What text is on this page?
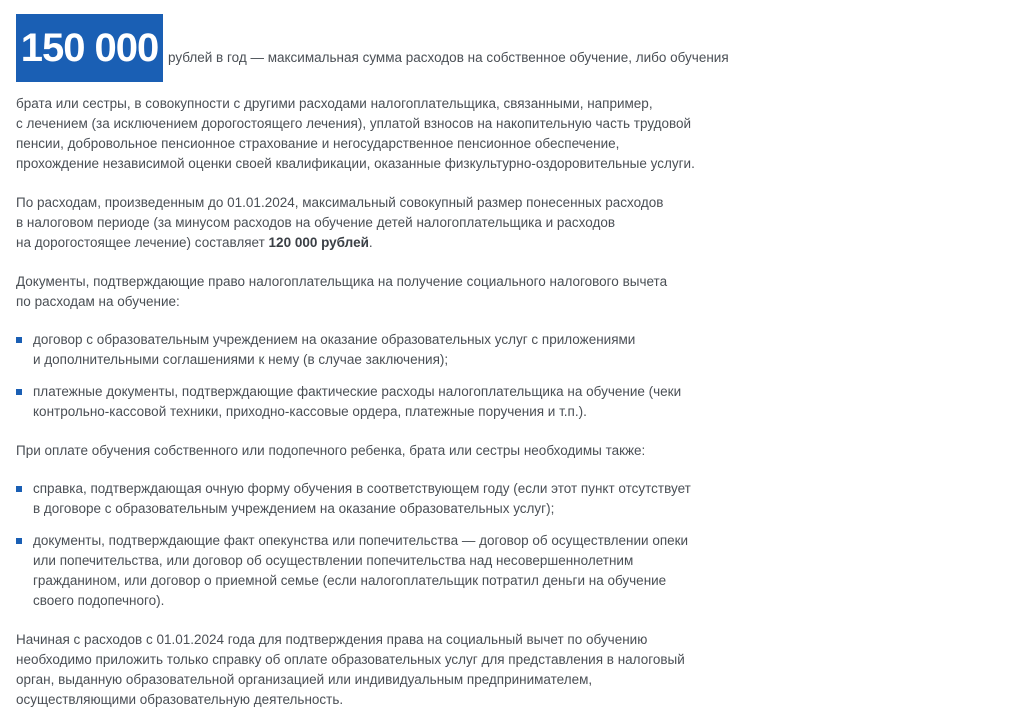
150 000 рублей в год — максимальная сумма расходов на собственное обучение, либо обучения

брата или сестры, в совокупности с другими расходами налогоплательщика, связанными, например,
с лечением (за исключением дорогостоящего лечения), уплатой взносов на накопительную часть трудовой
пенсии, добровольное пенсионное страхование и негосударственное пенсионное обеспечение,
прохождение независимой оценки своей квалификации, оказанные физкультурно-оздоровительные услуги.

По расходам, произведенным до 01.01.2024, максимальный совокупный размер понесенных расходов
в налоговом периоде (за минусом расходов на обучение детей налогоплательщика и расходов
на дорогостоящее лечение) составляет 120 000 рублей.

Документы, подтверждающие право налогоплательщика на получение социального налогового вычета
по расходам на обучение:

договор с образовательным учреждением на оказание образовательных услуг с приложениями
и дополнительными соглашениями к нему (в случае заключения);
платежные документы, подтверждающие фактические расходы налогоплательщика на обучение (чеки
контрольно-кассовой техники, приходно-кассовые ордера, платежные поручения и т.п.).

При оплате обучения собственного или подопечного ребенка, брата или сестры необходимы также:

справка, подтверждающая очную форму обучения в соответствующем году (если этот пункт отсутствует
в договоре с образовательным учреждением на оказание образовательных услуг);
документы, подтверждающие факт опекунства или попечительства — договор об осуществлении опеки
или попечительства, или договор об осуществлении попечительства над несовершеннолетним
гражданином, или договор о приемной семье (если налогоплательщик потратил деньги на обучение
своего подопечного).

Начиная с расходов с 01.01.2024 года для подтверждения права на социальный вычет по обучению
необходимо приложить только справку об оплате образовательных услуг для представления в налоговый
орган, выданную образовательной организацией или индивидуальным предпринимателем,
осуществляющими образовательную деятельность.
